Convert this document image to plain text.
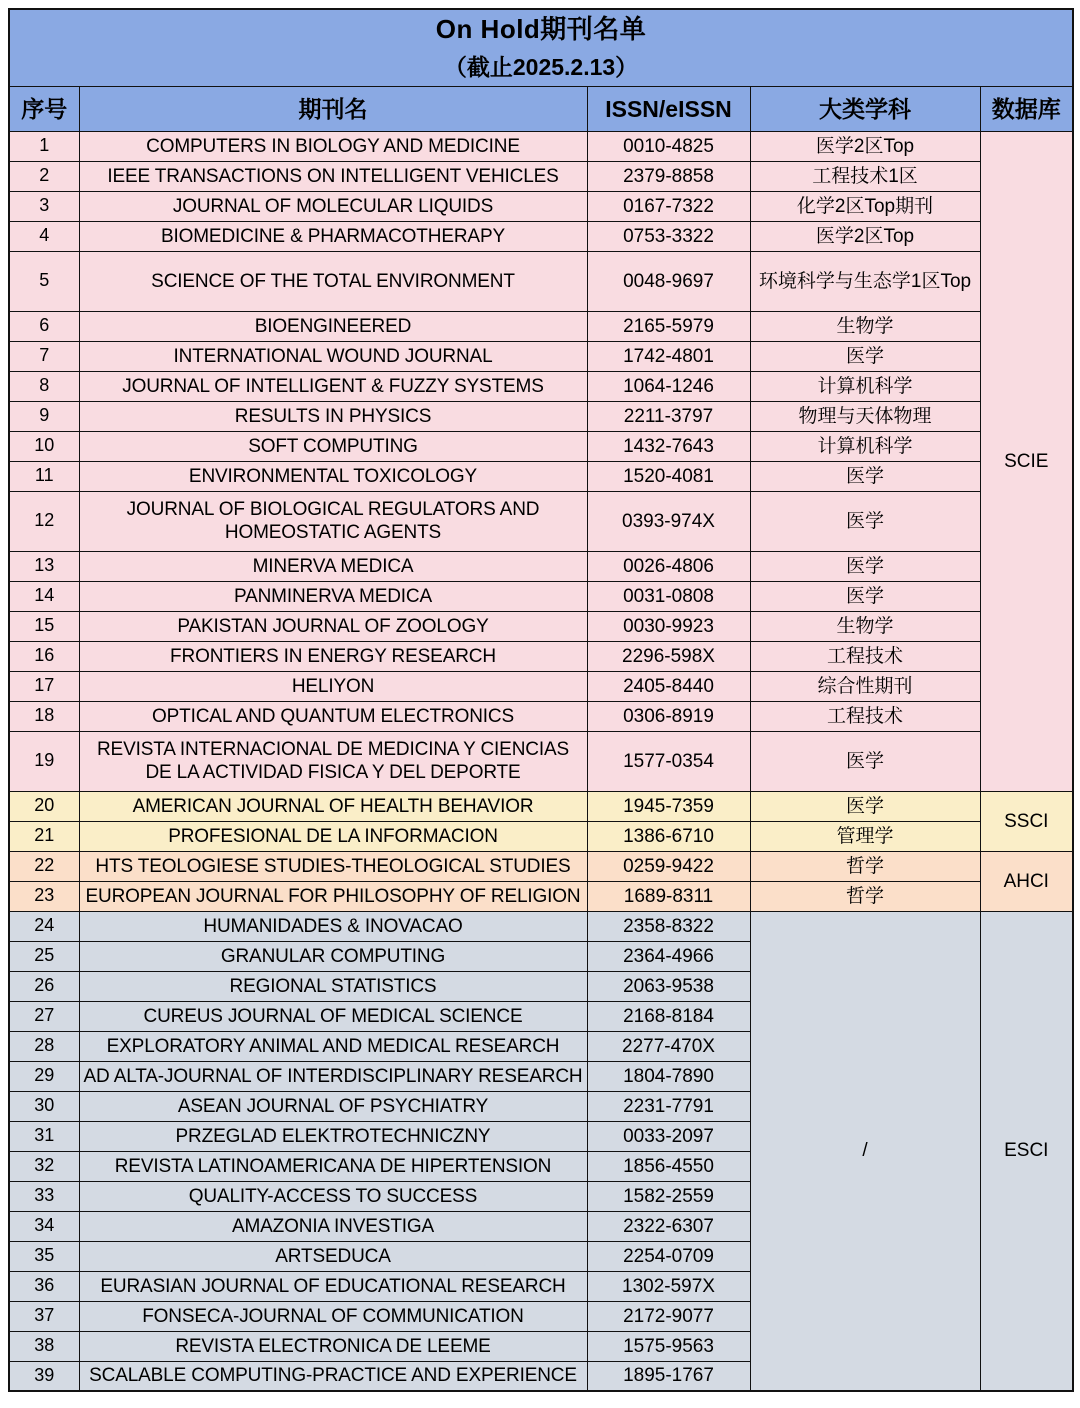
On Hold期刊名单
（截止2025.2.13）				

序号	期刊名	ISSN/eISSN	大类学科	数据库
1	COMPUTERS IN BIOLOGY AND MEDICINE	0010-4825	医学2区Top	SCIE
2	IEEE TRANSACTIONS ON INTELLIGENT VEHICLES	2379-8858	工程技术1区	
3	JOURNAL OF MOLECULAR LIQUIDS	0167-7322	化学2区Top期刊	
4	BIOMEDICINE & PHARMACOTHERAPY	0753-3322	医学2区Top	
5	SCIENCE OF THE TOTAL ENVIRONMENT	0048-9697	环境科学与生态学1区Top	
6	BIOENGINEERED	2165-5979	生物学	
7	INTERNATIONAL WOUND JOURNAL	1742-4801	医学	
8	JOURNAL OF INTELLIGENT & FUZZY SYSTEMS	1064-1246	计算机科学	
9	RESULTS IN PHYSICS	2211-3797	物理与天体物理	
10	SOFT COMPUTING	1432-7643	计算机科学	
11	ENVIRONMENTAL TOXICOLOGY	1520-4081	医学	
12	JOURNAL OF BIOLOGICAL REGULATORS AND HOMEOSTATIC AGENTS	0393-974X	医学	
13	MINERVA MEDICA	0026-4806	医学	
14	PANMINERVA MEDICA	0031-0808	医学	
15	PAKISTAN JOURNAL OF ZOOLOGY	0030-9923	生物学	
16	FRONTIERS IN ENERGY RESEARCH	2296-598X	工程技术	
17	HELIYON	2405-8440	综合性期刊	
18	OPTICAL AND QUANTUM ELECTRONICS	0306-8919	工程技术	
19	REVISTA INTERNACIONAL DE MEDICINA Y CIENCIAS DE LA ACTIVIDAD FISICA Y DEL DEPORTE	1577-0354	医学	
20	AMERICAN JOURNAL OF HEALTH BEHAVIOR	1945-7359	医学	SSCI
21	PROFESIONAL DE LA INFORMACION	1386-6710	管理学	
22	HTS TEOLOGIESE STUDIES-THEOLOGICAL STUDIES	0259-9422	哲学	AHCI
23	EUROPEAN JOURNAL FOR PHILOSOPHY OF RELIGION	1689-8311	哲学	
24	HUMANIDADES & INOVACAO	2358-8322	/	ESCI
25	GRANULAR COMPUTING	2364-4966		
26	REGIONAL STATISTICS	2063-9538		
27	CUREUS JOURNAL OF MEDICAL SCIENCE	2168-8184		
28	EXPLORATORY ANIMAL AND MEDICAL RESEARCH	2277-470X		
29	AD ALTA-JOURNAL OF INTERDISCIPLINARY RESEARCH	1804-7890		
30	ASEAN JOURNAL OF PSYCHIATRY	2231-7791		
31	PRZEGLAD ELEKTROTECHNICZNY	0033-2097		
32	REVISTA LATINOAMERICANA DE HIPERTENSION	1856-4550		
33	QUALITY-ACCESS TO SUCCESS	1582-2559		
34	AMAZONIA INVESTIGA	2322-6307		
35	ARTSEDUCA	2254-0709		
36	EURASIAN JOURNAL OF EDUCATIONAL RESEARCH	1302-597X		
37	FONSECA-JOURNAL OF COMMUNICATION	2172-9077		
38	REVISTA ELECTRONICA DE LEEME	1575-9563		
39	SCALABLE COMPUTING-PRACTICE AND EXPERIENCE	1895-1767		
